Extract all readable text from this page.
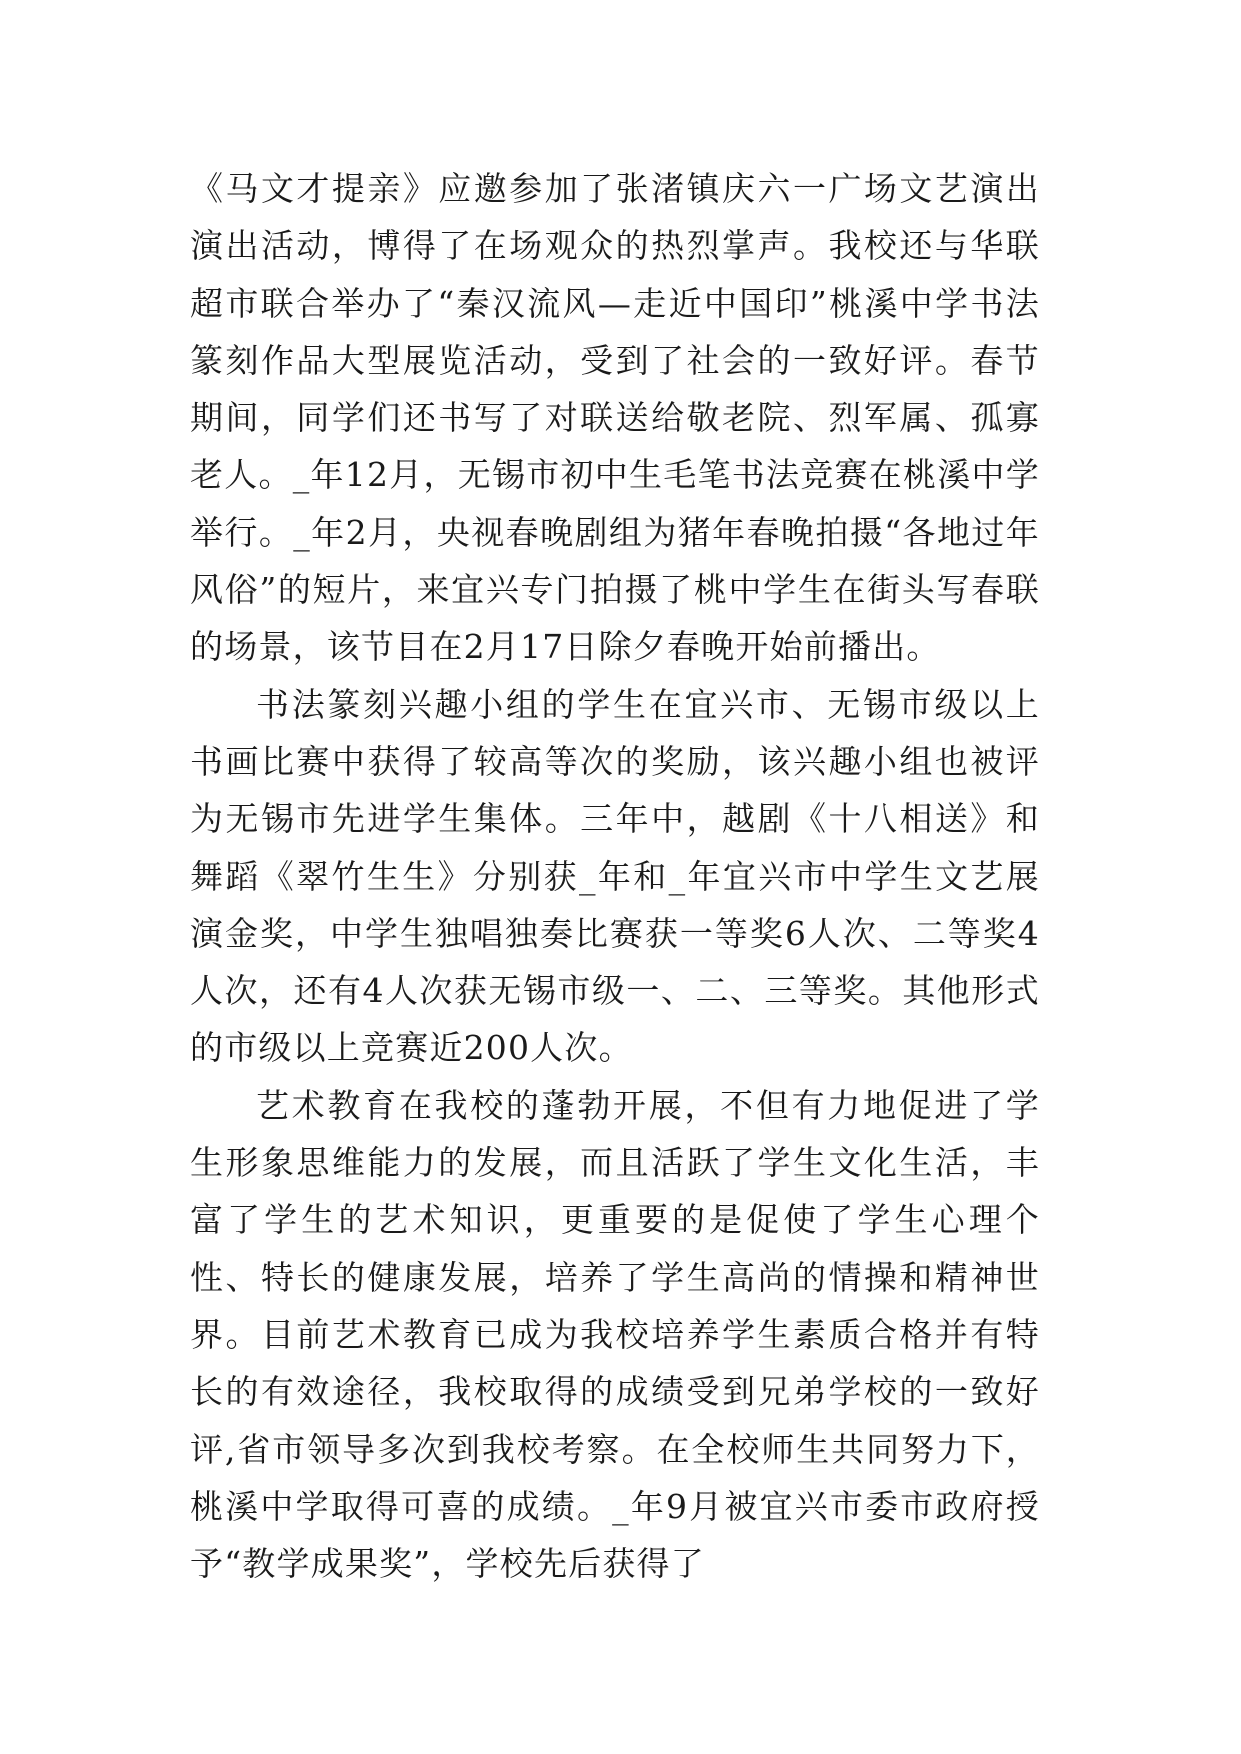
《马文才提亲》应邀参加了张渚镇庆六一广场文艺演出演出活动，博得了在场观众的热烈掌声。我校还与华联超市联合举办了“秦汉流风—走近中国印”桃溪中学书法篆刻作品大型展览活动，受到了社会的一致好评。春节期间，同学们还书写了对联送给敬老院、烈军属、孤寡老人。_年12月，无锡市初中生毛笔书法竞赛在桃溪中学举行。_年2月，央视春晚剧组为猪年春晚拍摄“各地过年风俗”的短片，来宜兴专门拍摄了桃中学生在街头写春联的场景，该节目在2月17日除夕春晚开始前播出。

书法篆刻兴趣小组的学生在宜兴市、无锡市级以上书画比赛中获得了较高等次的奖励，该兴趣小组也被评为无锡市先进学生集体。三年中，越剧《十八相送》和舞蹈《翠竹生生》分别获_年和_年宜兴市中学生文艺展演金奖，中学生独唱独奏比赛获一等奖6人次、二等奖4人次，还有4人次获无锡市级一、二、三等奖。其他形式的市级以上竞赛近200人次。

艺术教育在我校的蓬勃开展，不但有力地促进了学生形象思维能力的发展，而且活跃了学生文化生活，丰富了学生的艺术知识，更重要的是促使了学生心理个性、特长的健康发展，培养了学生高尚的情操和精神世界。目前艺术教育已成为我校培养学生素质合格并有特长的有效途径，我校取得的成绩受到兄弟学校的一致好评,省市领导多次到我校考察。在全校师生共同努力下，桃溪中学取得可喜的成绩。_年9月被宜兴市委市政府授予“教学成果奖”，学校先后获得了
